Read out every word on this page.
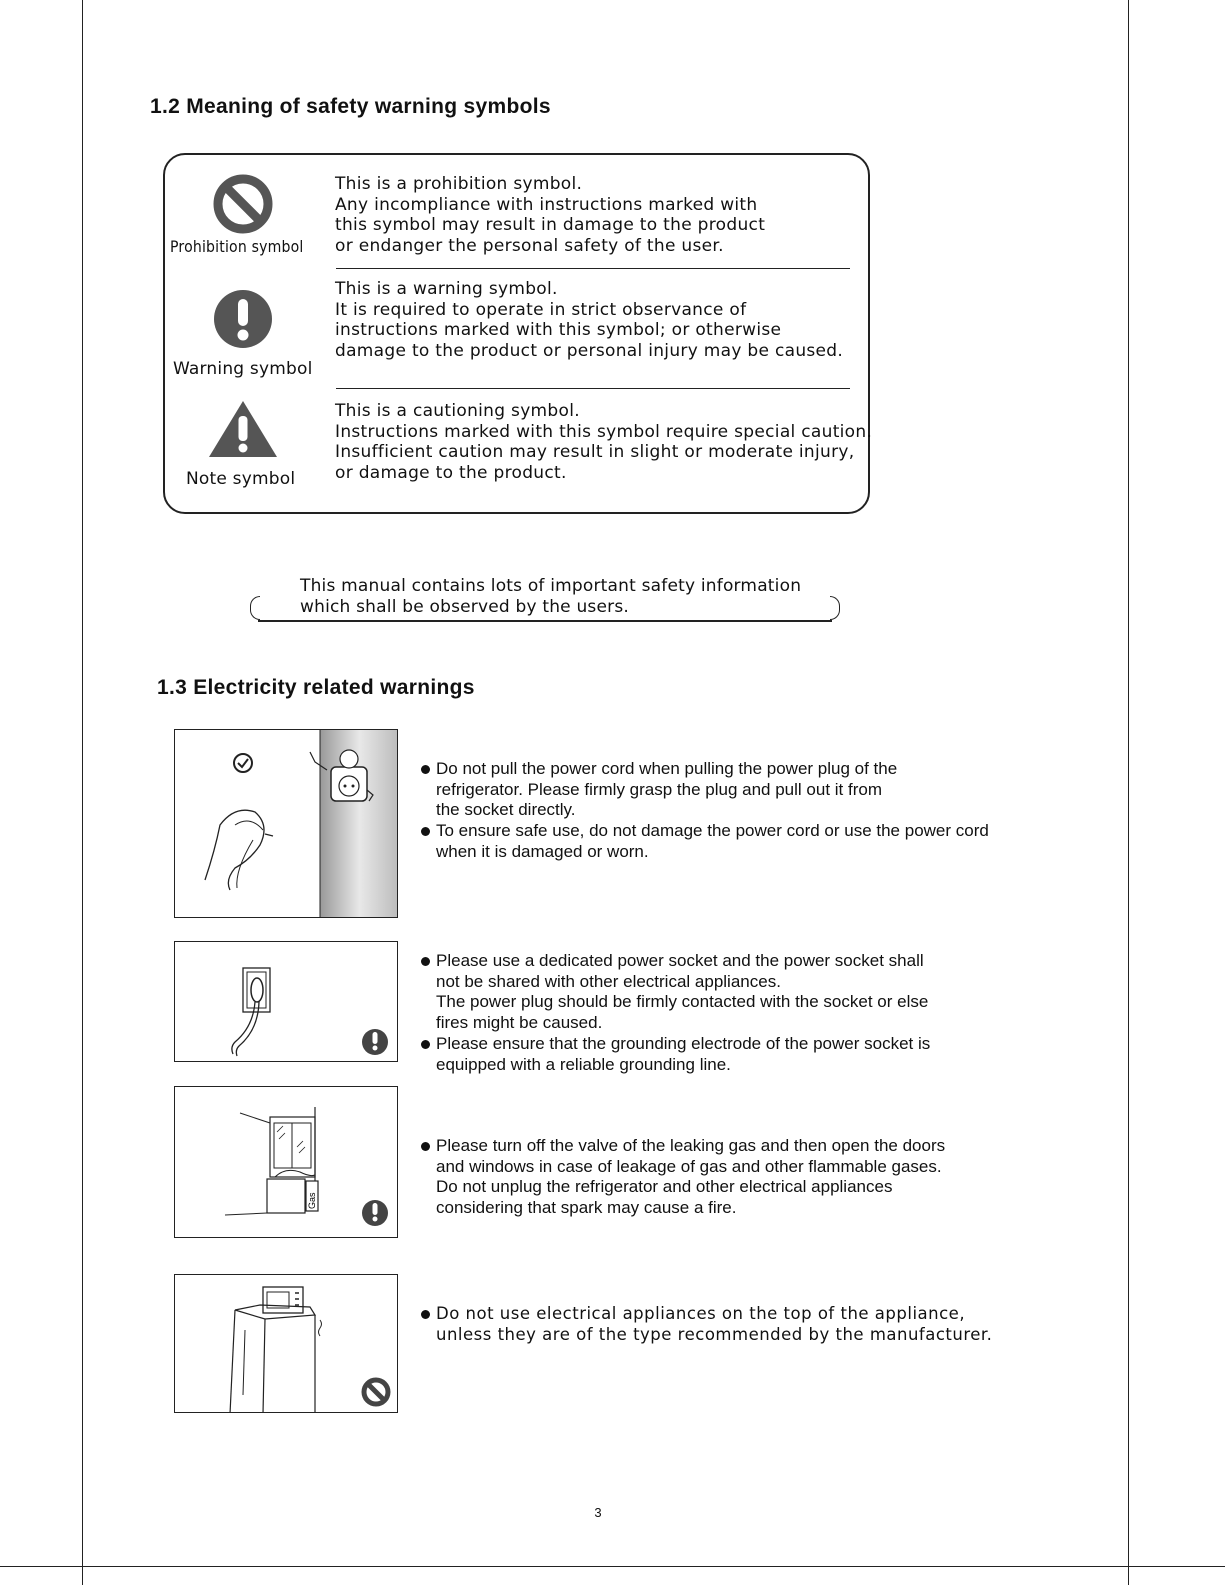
1.2 Meaning of safety warning symbols
Prohibition symbol

This is a prohibition symbol.

Any incompliance with instructions marked with

this symbol may result in damage to the product

or endanger the personal safety of the user.

Warning symbol

This is a warning symbol.

It is required to operate in strict observance of

instructions marked with this symbol; or otherwise

damage to the product or personal injury may be caused.

Note symbol

This is a cautioning symbol.

Instructions marked with this symbol require special caution.

Insufficient caution may result in slight or moderate injury,

or damage to the product.

This manual contains lots of important safety information

which shall be observed by the users.

1.3 Electricity related warnings

Do not pull the power cord when pulling the power plug of the

refrigerator. Please firmly grasp the plug and pull out it from

the socket directly.

To ensure safe use, do not damage the power cord or use the power cord

when it is damaged or worn.

Please use a dedicated power socket and the power socket shall

not be shared with other electrical appliances.

The power plug should be firmly contacted with the socket or else

fires might be caused.

Please ensure that the grounding electrode of the power socket is

equipped with a reliable grounding line.

Gas

Please turn off the valve of the leaking gas and then open the doors

and windows in case of leakage of gas and other flammable gases.

Do not unplug the refrigerator and other electrical appliances

considering that spark may cause a fire.

Do not use electrical appliances on the top of the appliance,

unless they are of the type recommended by the manufacturer.

3
